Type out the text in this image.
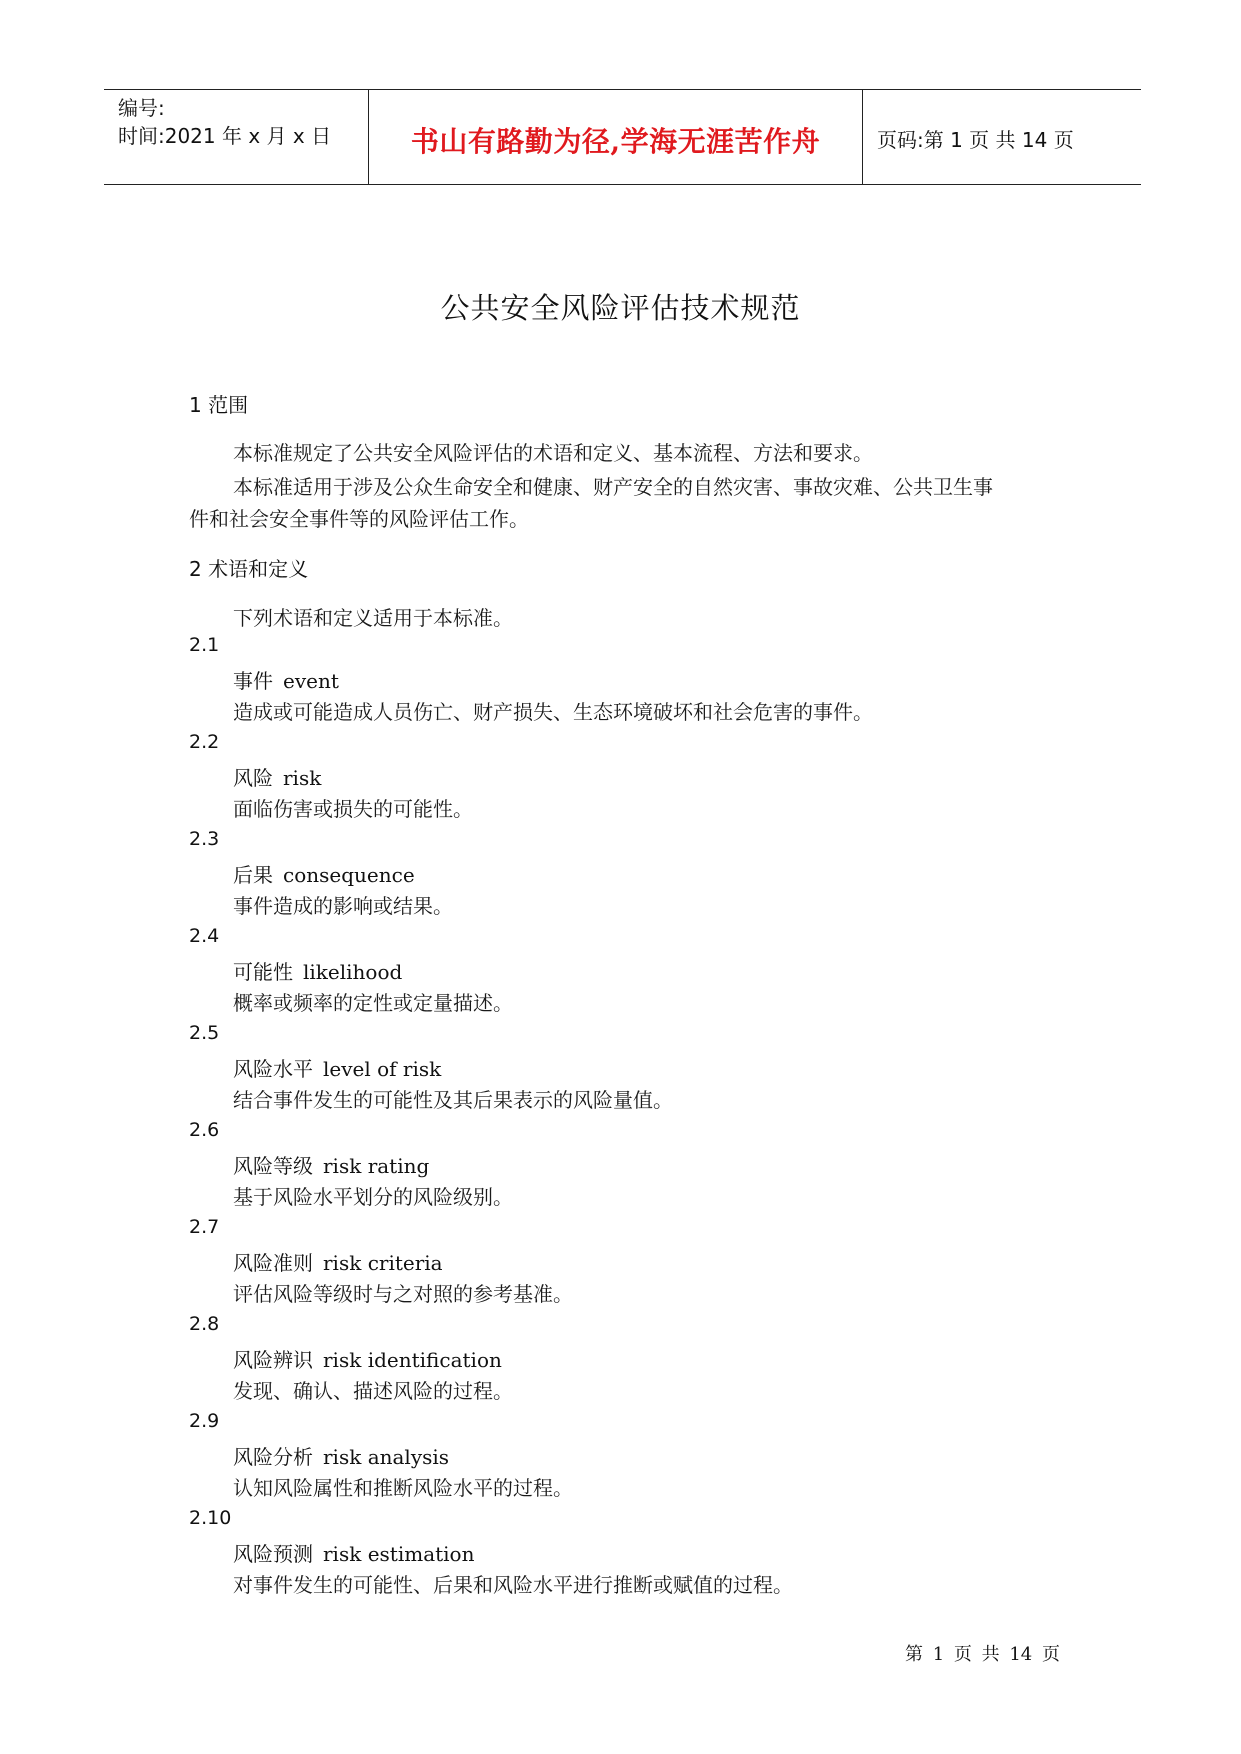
编号:
时间:2021 年 x 月 x 日	书山有路勤为径,学海无涯苦作舟	页码:第 1 页 共 14 页
公共安全风险评估技术规范
1 范围
本标准规定了公共安全风险评估的术语和定义、基本流程、方法和要求。
本标准适用于涉及公众生命安全和健康、财产安全的自然灾害、事故灾难、公共卫生事
件和社会安全事件等的风险评估工作。
2 术语和定义
下列术语和定义适用于本标准。
2.1
事件 event
造成或可能造成人员伤亡、财产损失、生态环境破坏和社会危害的事件。
2.2
风险 risk
面临伤害或损失的可能性。
2.3
后果 consequence
事件造成的影响或结果。
2.4
可能性 likelihood
概率或频率的定性或定量描述。
2.5
风险水平 level of risk
结合事件发生的可能性及其后果表示的风险量值。
2.6
风险等级 risk rating
基于风险水平划分的风险级别。
2.7
风险准则 risk criteria
评估风险等级时与之对照的参考基准。
2.8
风险辨识 risk identification
发现、确认、描述风险的过程。
2.9
风险分析 risk analysis
认知风险属性和推断风险水平的过程。
2.10
风险预测 risk estimation
对事件发生的可能性、后果和风险水平进行推断或赋值的过程。
第 1 页 共 14 页
